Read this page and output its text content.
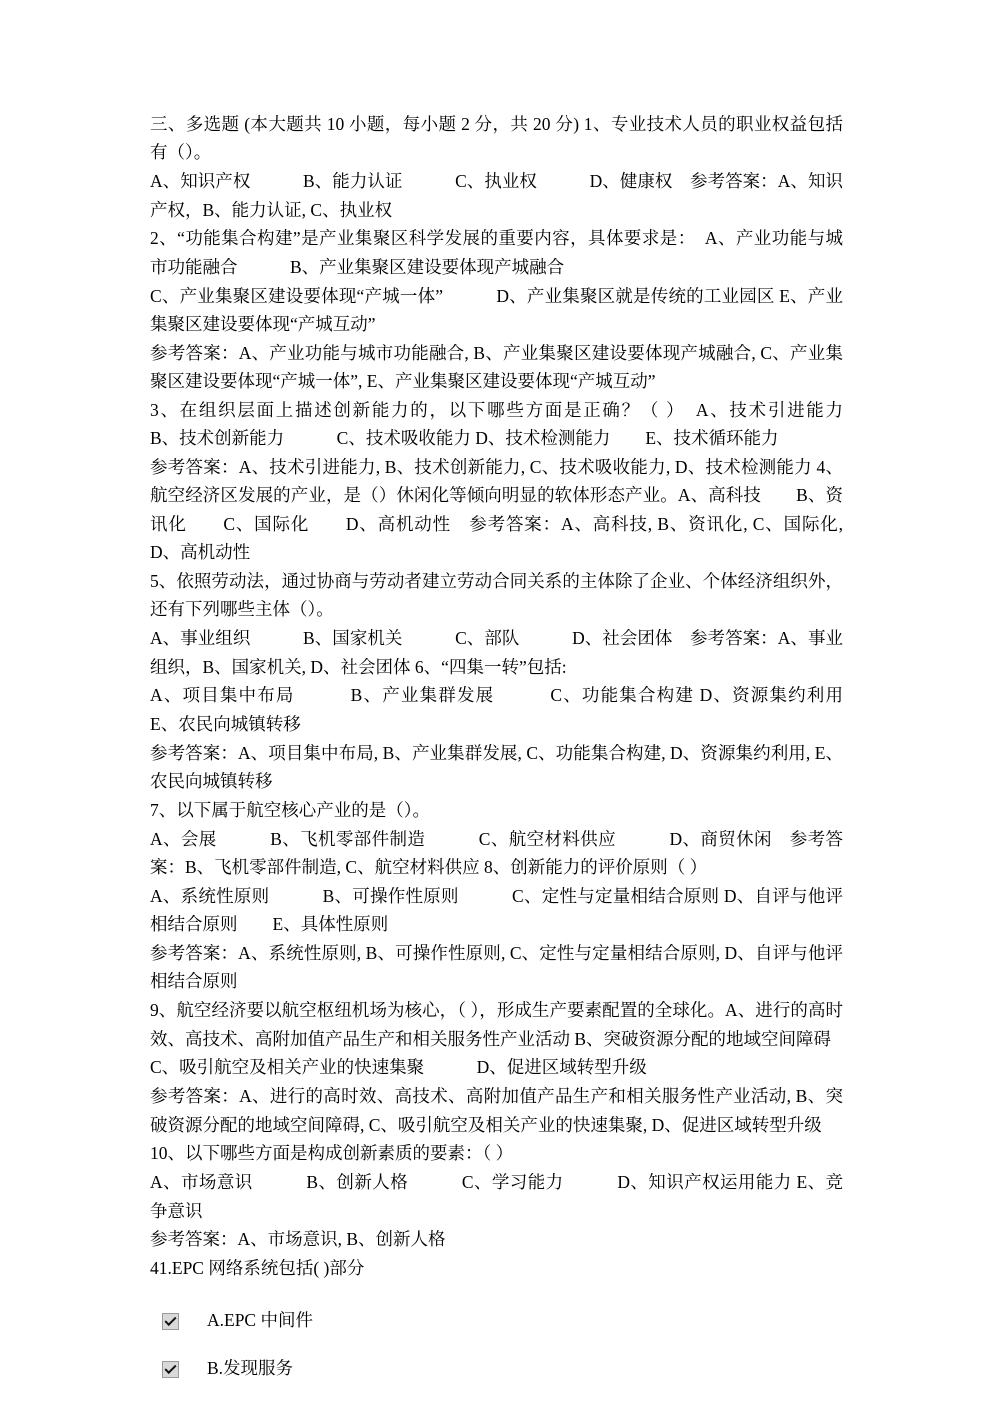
三、多选题 (本大题共 10 小题，每小题 2 分，共 20 分) 1、专业技术人员的职业权益包括有（）。

A、知识产权　　　B、能力认证　　　C、执业权　　　D、健康权　参考答案：A、知识产权，B、能力认证, C、执业权

2、“功能集合构建”是产业集聚区科学发展的重要内容，具体要求是：　A、产业功能与城市功能融合　　　B、产业集聚区建设要体现产城融合

C、产业集聚区建设要体现“产城一体”　　　D、产业集聚区就是传统的工业园区 E、产业集聚区建设要体现“产城互动”

参考答案：A、产业功能与城市功能融合, B、产业集聚区建设要体现产城融合, C、产业集聚区建设要体现“产城一体”, E、产业集聚区建设要体现“产城互动”

3、在组织层面上描述创新能力的，以下哪些方面是正确？（ ）　A、技术引进能力　　　　B、技术创新能力　　　C、技术吸收能力 D、技术检测能力　　E、技术循环能力

参考答案：A、技术引进能力, B、技术创新能力, C、技术吸收能力, D、技术检测能力 4、航空经济区发展的产业，是（）休闲化等倾向明显的软体形态产业。A、高科技　　B、资讯化　　C、国际化　　D、高机动性　参考答案：A、高科技, B、资讯化, C、国际化, D、高机动性

5、依照劳动法，通过协商与劳动者建立劳动合同关系的主体除了企业、个体经济组织外，还有下列哪些主体（）。

A、事业组织　　　B、国家机关　　　C、部队　　　D、社会团体　参考答案：A、事业组织，B、国家机关, D、社会团体 6、“四集一转”包括:

A、项目集中布局　　　B、产业集群发展　　　C、功能集合构建 D、资源集约利用　　E、农民向城镇转移

参考答案：A、项目集中布局, B、产业集群发展, C、功能集合构建, D、资源集约利用, E、农民向城镇转移

7、以下属于航空核心产业的是（）。

A、会展　　　B、飞机零部件制造　　　C、航空材料供应　　　D、商贸休闲　参考答案：B、飞机零部件制造, C、航空材料供应 8、创新能力的评价原则（ ）

A、系统性原则　　　B、可操作性原则　　　C、定性与定量相结合原则 D、自评与他评相结合原则　　E、具体性原则

参考答案：A、系统性原则, B、可操作性原则, C、定性与定量相结合原则, D、自评与他评相结合原则

9、航空经济要以航空枢纽机场为核心，（ ），形成生产要素配置的全球化。A、进行的高时效、高技术、高附加值产品生产和相关服务性产业活动 B、突破资源分配的地域空间障碍

C、吸引航空及相关产业的快速集聚　　　D、促进区域转型升级

参考答案：A、进行的高时效、高技术、高附加值产品生产和相关服务性产业活动, B、突破资源分配的地域空间障碍, C、吸引航空及相关产业的快速集聚, D、促进区域转型升级

10、以下哪些方面是构成创新素质的要素：（ ）

A、市场意识　　　B、创新人格　　　C、学习能力　　　D、知识产权运用能力 E、竞争意识

参考答案：A、市场意识, B、创新人格

41.EPC 网络系统包括( )部分

A.EPC 中间件
B.发现服务
